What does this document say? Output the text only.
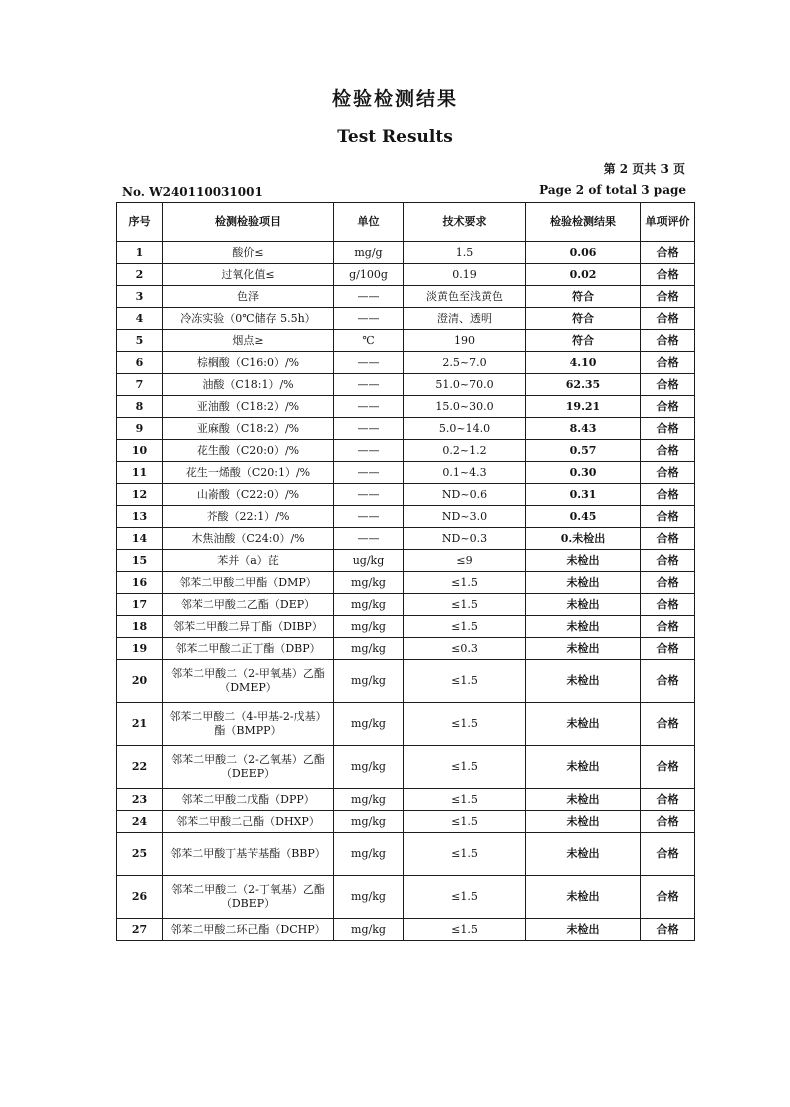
检验检测结果
Test Results
第 2 页共 3 页
No. W240110031001	Page 2 of total 3 page
序号	检测检验项目	单位	技术要求	检验检测结果	单项评价
1	酸价≤	mg/g	1.5	0.06	合格
2	过氧化值≤	g/100g	0.19	0.02	合格
3	色泽	——	淡黄色至浅黄色	符合	合格
4	冷冻实验（0℃储存 5.5h）	——	澄清、透明	符合	合格
5	烟点≥	℃	190	符合	合格
6	棕榈酸（C16:0）/%	——	2.5~7.0	4.10	合格
7	油酸（C18:1）/%	——	51.0~70.0	62.35	合格
8	亚油酸（C18:2）/%	——	15.0~30.0	19.21	合格
9	亚麻酸（C18:2）/%	——	5.0~14.0	8.43	合格
10	花生酸（C20:0）/%	——	0.2~1.2	0.57	合格
11	花生一烯酸（C20:1）/%	——	0.1~4.3	0.30	合格
12	山嵛酸（C22:0）/%	——	ND~0.6	0.31	合格
13	芥酸（22:1）/%	——	ND~3.0	0.45	合格
14	木焦油酸（C24:0）/%	——	ND~0.3	0.未检出	合格
15	苯并（a）芘	ug/kg	≤9	未检出	合格
16	邻苯二甲酸二甲酯（DMP）	mg/kg	≤1.5	未检出	合格
17	邻苯二甲酸二乙酯（DEP）	mg/kg	≤1.5	未检出	合格
18	邻苯二甲酸二异丁酯（DIBP）	mg/kg	≤1.5	未检出	合格
19	邻苯二甲酸二正丁酯（DBP）	mg/kg	≤0.3	未检出	合格
20	邻苯二甲酸二（2-甲氧基）乙酯（DMEP）	mg/kg	≤1.5	未检出	合格
21	邻苯二甲酸二（4-甲基-2-戊基）酯（BMPP）	mg/kg	≤1.5	未检出	合格
22	邻苯二甲酸二（2-乙氧基）乙酯（DEEP）	mg/kg	≤1.5	未检出	合格
23	邻苯二甲酸二戊酯（DPP）	mg/kg	≤1.5	未检出	合格
24	邻苯二甲酸二己酯（DHXP）	mg/kg	≤1.5	未检出	合格
25	邻苯二甲酸丁基苄基酯（BBP）	mg/kg	≤1.5	未检出	合格
26	邻苯二甲酸二（2-丁氧基）乙酯（DBEP）	mg/kg	≤1.5	未检出	合格
27	邻苯二甲酸二环己酯（DCHP）	mg/kg	≤1.5	未检出	合格
